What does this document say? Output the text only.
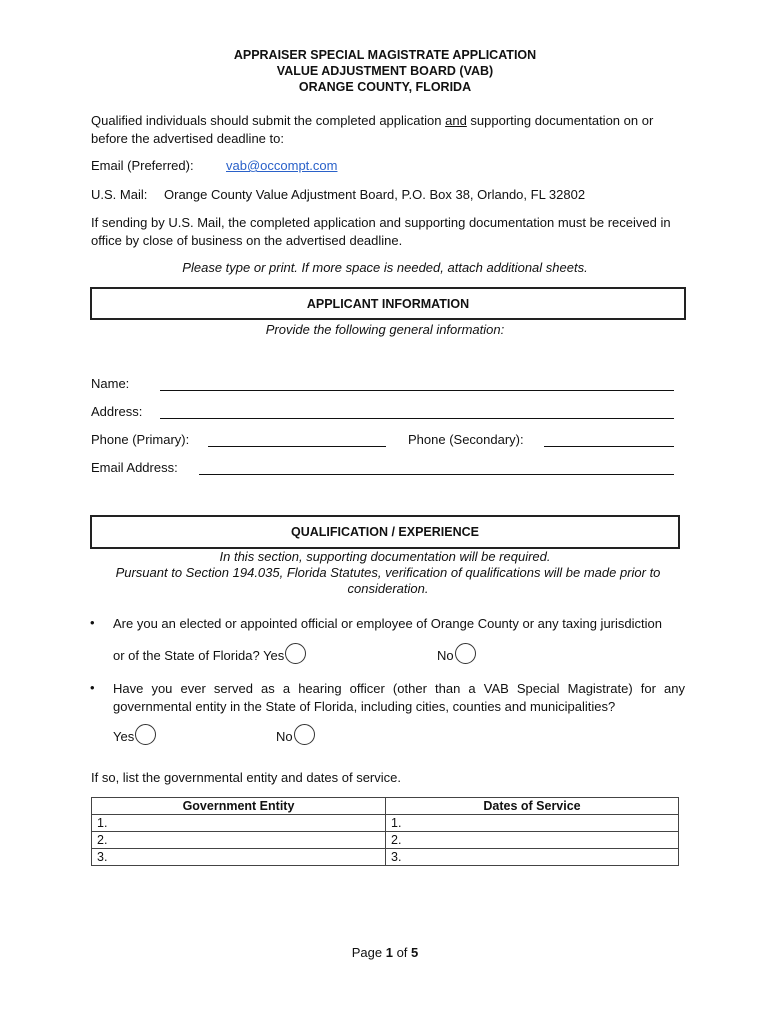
APPRAISER SPECIAL MAGISTRATE APPLICATION
VALUE ADJUSTMENT BOARD (VAB)
ORANGE COUNTY, FLORIDA
Qualified individuals should submit the completed application and supporting documentation on or before the advertised deadline to:
Email (Preferred): vab@occompt.com
U.S. Mail: Orange County Value Adjustment Board, P.O. Box 38, Orlando, FL 32802
If sending by U.S. Mail, the completed application and supporting documentation must be received in office by close of business on the advertised deadline.
Please type or print. If more space is needed, attach additional sheets.
APPLICANT INFORMATION
Provide the following general information:
Name:
Address:
Phone (Primary):	Phone (Secondary):
Email Address:
QUALIFICATION / EXPERIENCE
In this section, supporting documentation will be required.
Pursuant to Section 194.035, Florida Statutes, verification of qualifications will be made prior to consideration.
• Are you an elected or appointed official or employee of Orange County or any taxing jurisdiction
or of the State of Florida? Yes	No
• Have you ever served as a hearing officer (other than a VAB Special Magistrate) for any governmental entity in the State of Florida, including cities, counties and municipalities?
Yes	No
If so, list the governmental entity and dates of service.
Government Entity	Dates of Service
1.	1.
2.	2.
3.	3.
Page 1 of 5
